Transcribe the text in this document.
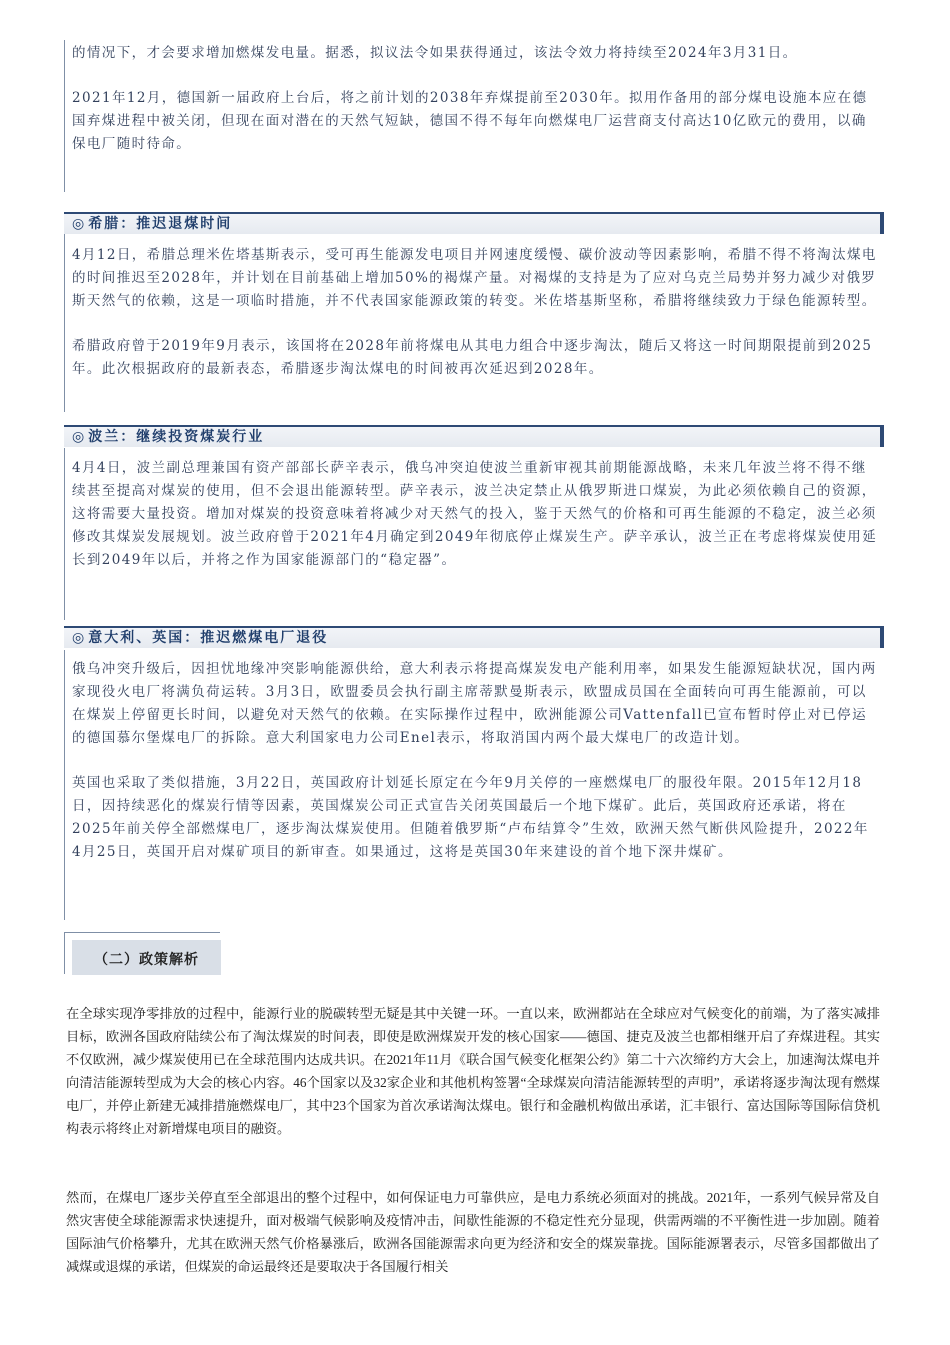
的情况下，才会要求增加燃煤发电量。据悉，拟议法令如果获得通过，该法令效力将持续至2024年3月31日。

2021年12月，德国新一届政府上台后，将之前计划的2038年弃煤提前至2030年。拟用作备用的部分煤电设施本应在德国弃煤进程中被关闭，但现在面对潜在的天然气短缺，德国不得不每年向燃煤电厂运营商支付高达10亿欧元的费用，以确保电厂随时待命。

◎ 希腊：推迟退煤时间

4月12日，希腊总理米佐塔基斯表示，受可再生能源发电项目并网速度缓慢、碳价波动等因素影响，希腊不得不将淘汰煤电的时间推迟至2028年，并计划在目前基础上增加50%的褐煤产量。对褐煤的支持是为了应对乌克兰局势并努力减少对俄罗斯天然气的依赖，这是一项临时措施，并不代表国家能源政策的转变。米佐塔基斯坚称，希腊将继续致力于绿色能源转型。

希腊政府曾于2019年9月表示，该国将在2028年前将煤电从其电力组合中逐步淘汰，随后又将这一时间期限提前到2025年。此次根据政府的最新表态，希腊逐步淘汰煤电的时间被再次延迟到2028年。

◎ 波兰：继续投资煤炭行业

4月4日，波兰副总理兼国有资产部部长萨辛表示，俄乌冲突迫使波兰重新审视其前期能源战略，未来几年波兰将不得不继续甚至提高对煤炭的使用，但不会退出能源转型。萨辛表示，波兰决定禁止从俄罗斯进口煤炭，为此必须依赖自己的资源，这将需要大量投资。增加对煤炭的投资意味着将减少对天然气的投入，鉴于天然气的价格和可再生能源的不稳定，波兰必须修改其煤炭发展规划。波兰政府曾于2021年4月确定到2049年彻底停止煤炭生产。萨辛承认，波兰正在考虑将煤炭使用延长到2049年以后，并将之作为国家能源部门的“稳定器”。

◎ 意大利、英国：推迟燃煤电厂退役

俄乌冲突升级后，因担忧地缘冲突影响能源供给，意大利表示将提高煤炭发电产能利用率，如果发生能源短缺状况，国内两家现役火电厂将满负荷运转。3月3日，欧盟委员会执行副主席蒂默曼斯表示，欧盟成员国在全面转向可再生能源前，可以在煤炭上停留更长时间，以避免对天然气的依赖。在实际操作过程中，欧洲能源公司Vattenfall已宣布暂时停止对已停运的德国慕尔堡煤电厂的拆除。意大利国家电力公司Enel表示，将取消国内两个最大煤电厂的改造计划。

英国也采取了类似措施，3月22日，英国政府计划延长原定在今年9月关停的一座燃煤电厂的服役年限。2015年12月18日，因持续恶化的煤炭行情等因素，英国煤炭公司正式宣告关闭英国最后一个地下煤矿。此后，英国政府还承诺，将在2025年前关停全部燃煤电厂，逐步淘汰煤炭使用。但随着俄罗斯“卢布结算令”生效，欧洲天然气断供风险提升，2022年4月25日，英国开启对煤矿项目的新审查。如果通过，这将是英国30年来建设的首个地下深井煤矿。

（二）政策解析

在全球实现净零排放的过程中，能源行业的脱碳转型无疑是其中关键一环。一直以来，欧洲都站在全球应对气候变化的前端，为了落实减排目标，欧洲各国政府陆续公布了淘汰煤炭的时间表，即使是欧洲煤炭开发的核心国家——德国、捷克及波兰也都相继开启了弃煤进程。其实不仅欧洲，减少煤炭使用已在全球范围内达成共识。在2021年11月《联合国气候变化框架公约》第二十六次缔约方大会上，加速淘汰煤电并向清洁能源转型成为大会的核心内容。46个国家以及32家企业和其他机构签署“全球煤炭向清洁能源转型的声明”，承诺将逐步淘汰现有燃煤电厂，并停止新建无减排措施燃煤电厂，其中23个国家为首次承诺淘汰煤电。银行和金融机构做出承诺，汇丰银行、富达国际等国际信贷机构表示将终止对新增煤电项目的融资。

然而，在煤电厂逐步关停直至全部退出的整个过程中，如何保证电力可靠供应，是电力系统必须面对的挑战。2021年，一系列气候异常及自然灾害使全球能源需求快速提升，面对极端气候影响及疫情冲击，间歇性能源的不稳定性充分显现，供需两端的不平衡性进一步加剧。随着国际油气价格攀升，尤其在欧洲天然气价格暴涨后，欧洲各国能源需求向更为经济和安全的煤炭靠拢。国际能源署表示，尽管多国都做出了减煤或退煤的承诺，但煤炭的命运最终还是要取决于各国履行相关
